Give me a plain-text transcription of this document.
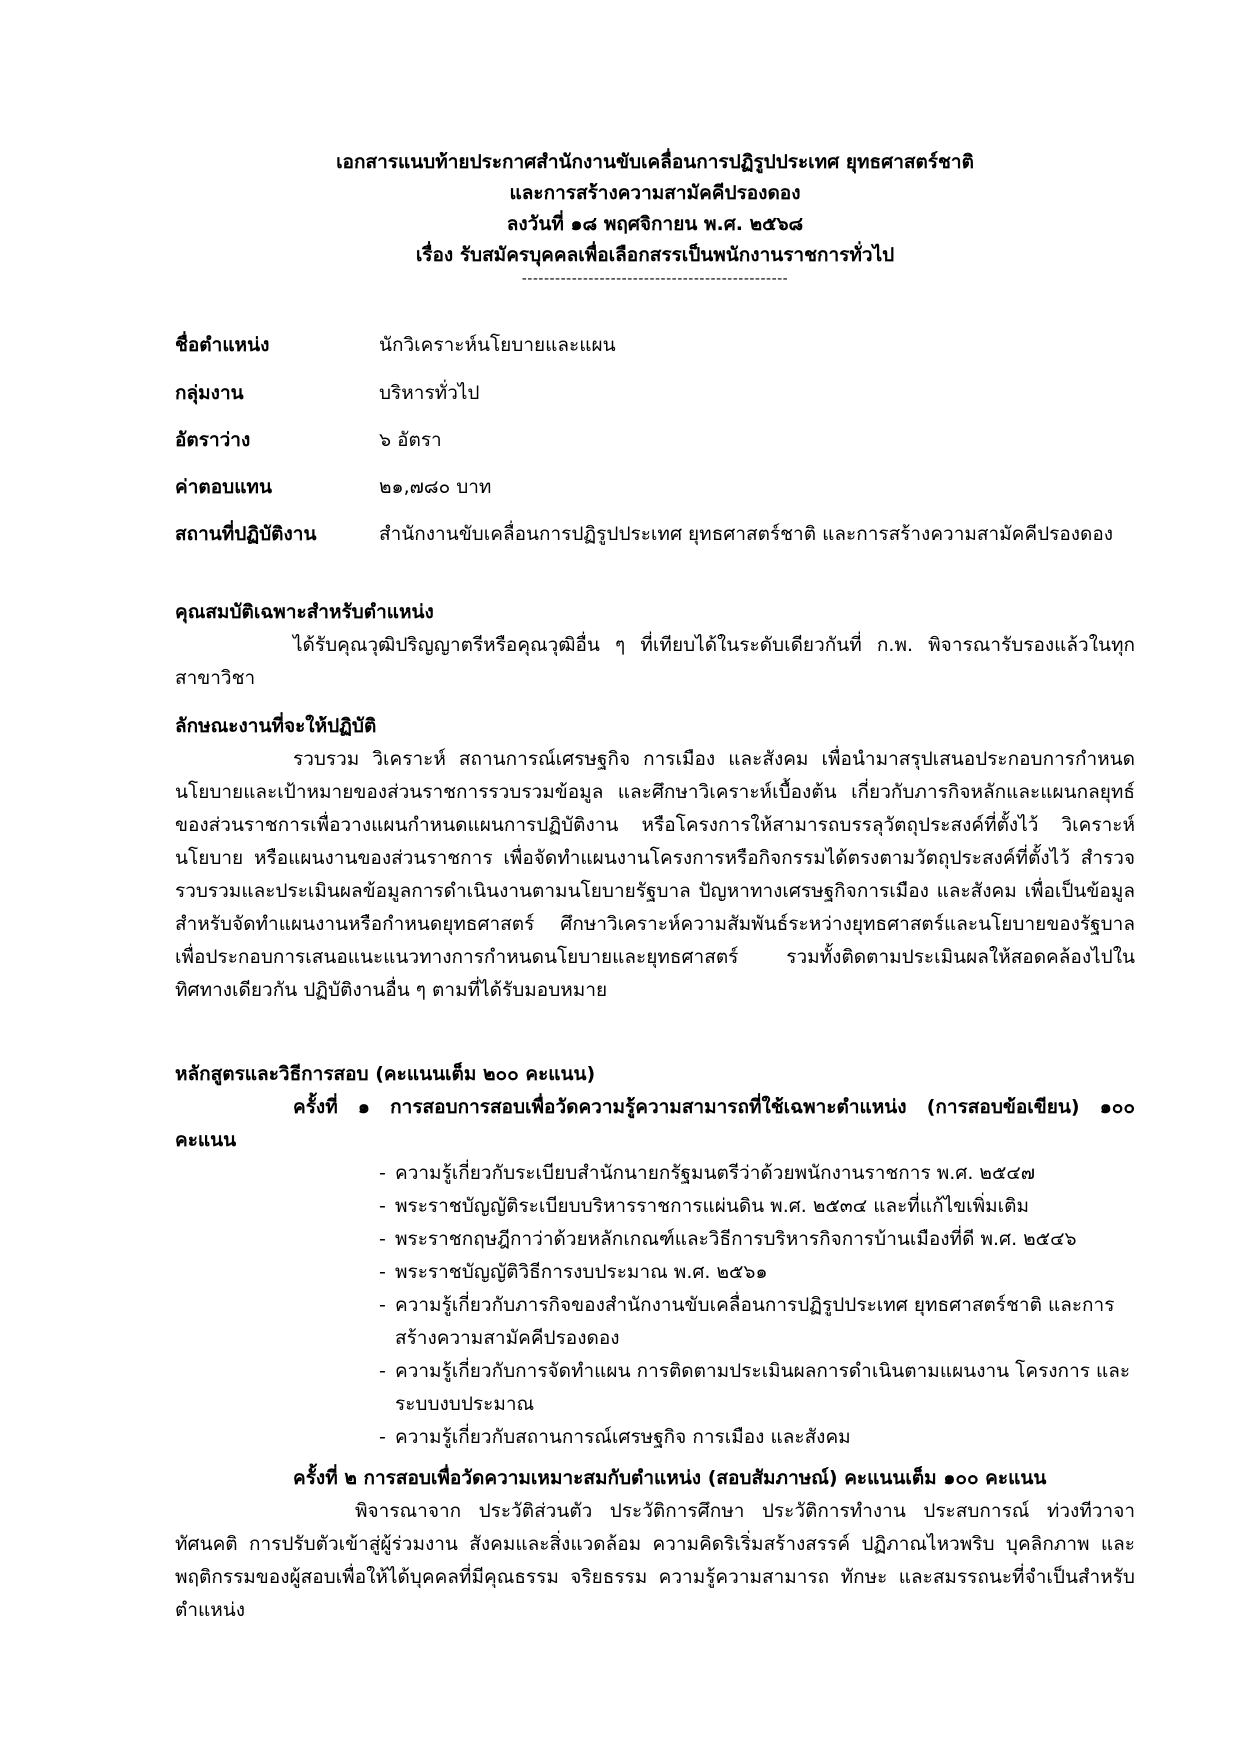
เอกสารแนบท้ายประกาศสำนักงานขับเคลื่อนการปฏิรูปประเทศ ยุทธศาสตร์ชาติ
และการสร้างความสามัคคีปรองดอง
ลงวันที่ ๑๘ พฤศจิกายน พ.ศ. ๒๕๖๘
เรื่อง รับสมัครบุคคลเพื่อเลือกสรรเป็นพนักงานราชการทั่วไป
------------------------------------------------
ชื่อตำแหน่ง	นักวิเคราะห์นโยบายและแผน
กลุ่มงาน	บริหารทั่วไป
อัตราว่าง	๖ อัตรา
ค่าตอบแทน	๒๑,๗๘๐ บาท
สถานที่ปฏิบัติงาน	สำนักงานขับเคลื่อนการปฏิรูปประเทศ ยุทธศาสตร์ชาติ และการสร้างความสามัคคีปรองดอง
คุณสมบัติเฉพาะสำหรับตำแหน่ง
ได้รับคุณวุฒิปริญญาตรีหรือคุณวุฒิอื่น ๆ ที่เทียบได้ในระดับเดียวกันที่ ก.พ. พิจารณารับรองแล้วในทุกสาขาวิชา
ลักษณะงานที่จะให้ปฏิบัติ
รวบรวม วิเคราะห์ สถานการณ์เศรษฐกิจ การเมือง และสังคม เพื่อนำมาสรุปเสนอประกอบการกำหนดนโยบายและเป้าหมายของส่วนราชการรวบรวมข้อมูล และศึกษาวิเคราะห์เบื้องต้น เกี่ยวกับภารกิจหลักและแผนกลยุทธ์ของส่วนราชการเพื่อวางแผนกำหนดแผนการปฏิบัติงาน หรือโครงการให้สามารถบรรลุวัตถุประสงค์ที่ตั้งไว้ วิเคราะห์นโยบาย หรือแผนงานของส่วนราชการ เพื่อจัดทำแผนงานโครงการหรือกิจกรรมได้ตรงตามวัตถุประสงค์ที่ตั้งไว้ สำรวจ รวบรวมและประเมินผลข้อมูลการดำเนินงานตามนโยบายรัฐบาล ปัญหาทางเศรษฐกิจการเมือง และสังคม เพื่อเป็นข้อมูลสำหรับจัดทำแผนงานหรือกำหนดยุทธศาสตร์ ศึกษาวิเคราะห์ความสัมพันธ์ระหว่างยุทธศาสตร์และนโยบายของรัฐบาล เพื่อประกอบการเสนอแนะแนวทางการกำหนดนโยบายและยุทธศาสตร์ รวมทั้งติดตามประเมินผลให้สอดคล้องไปในทิศทางเดียวกัน ปฏิบัติงานอื่น ๆ ตามที่ได้รับมอบหมาย
หลักสูตรและวิธีการสอบ (คะแนนเต็ม ๒๐๐ คะแนน)
ครั้งที่ ๑ การสอบการสอบเพื่อวัดความรู้ความสามารถที่ใช้เฉพาะตำแหน่ง (การสอบข้อเขียน) ๑๐๐ คะแนน
- ความรู้เกี่ยวกับระเบียบสำนักนายกรัฐมนตรีว่าด้วยพนักงานราชการ พ.ศ. ๒๕๔๗
- พระราชบัญญัติระเบียบบริหารราชการแผ่นดิน พ.ศ. ๒๕๓๔ และที่แก้ไขเพิ่มเติม
- พระราชกฤษฎีกาว่าด้วยหลักเกณฑ์และวิธีการบริหารกิจการบ้านเมืองที่ดี พ.ศ. ๒๕๔๖
- พระราชบัญญัติวิธีการงบประมาณ พ.ศ. ๒๕๖๑
- ความรู้เกี่ยวกับภารกิจของสำนักงานขับเคลื่อนการปฏิรูปประเทศ ยุทธศาสตร์ชาติ และการสร้างความสามัคคีปรองดอง
- ความรู้เกี่ยวกับการจัดทำแผน การติดตามประเมินผลการดำเนินตามแผนงาน โครงการ และระบบงบประมาณ
- ความรู้เกี่ยวกับสถานการณ์เศรษฐกิจ การเมือง และสังคม
ครั้งที่ ๒ การสอบเพื่อวัดความเหมาะสมกับตำแหน่ง (สอบสัมภาษณ์) คะแนนเต็ม ๑๐๐ คะแนน
พิจารณาจาก ประวัติส่วนตัว ประวัติการศึกษา ประวัติการทำงาน ประสบการณ์ ท่วงทีวาจา ทัศนคติ การปรับตัวเข้าสู่ผู้ร่วมงาน สังคมและสิ่งแวดล้อม ความคิดริเริ่มสร้างสรรค์ ปฏิภาณไหวพริบ บุคลิกภาพ และพฤติกรรมของผู้สอบเพื่อให้ได้บุคคลที่มีคุณธรรม จริยธรรม ความรู้ความสามารถ ทักษะ และสมรรถนะที่จำเป็นสำหรับตำแหน่ง
